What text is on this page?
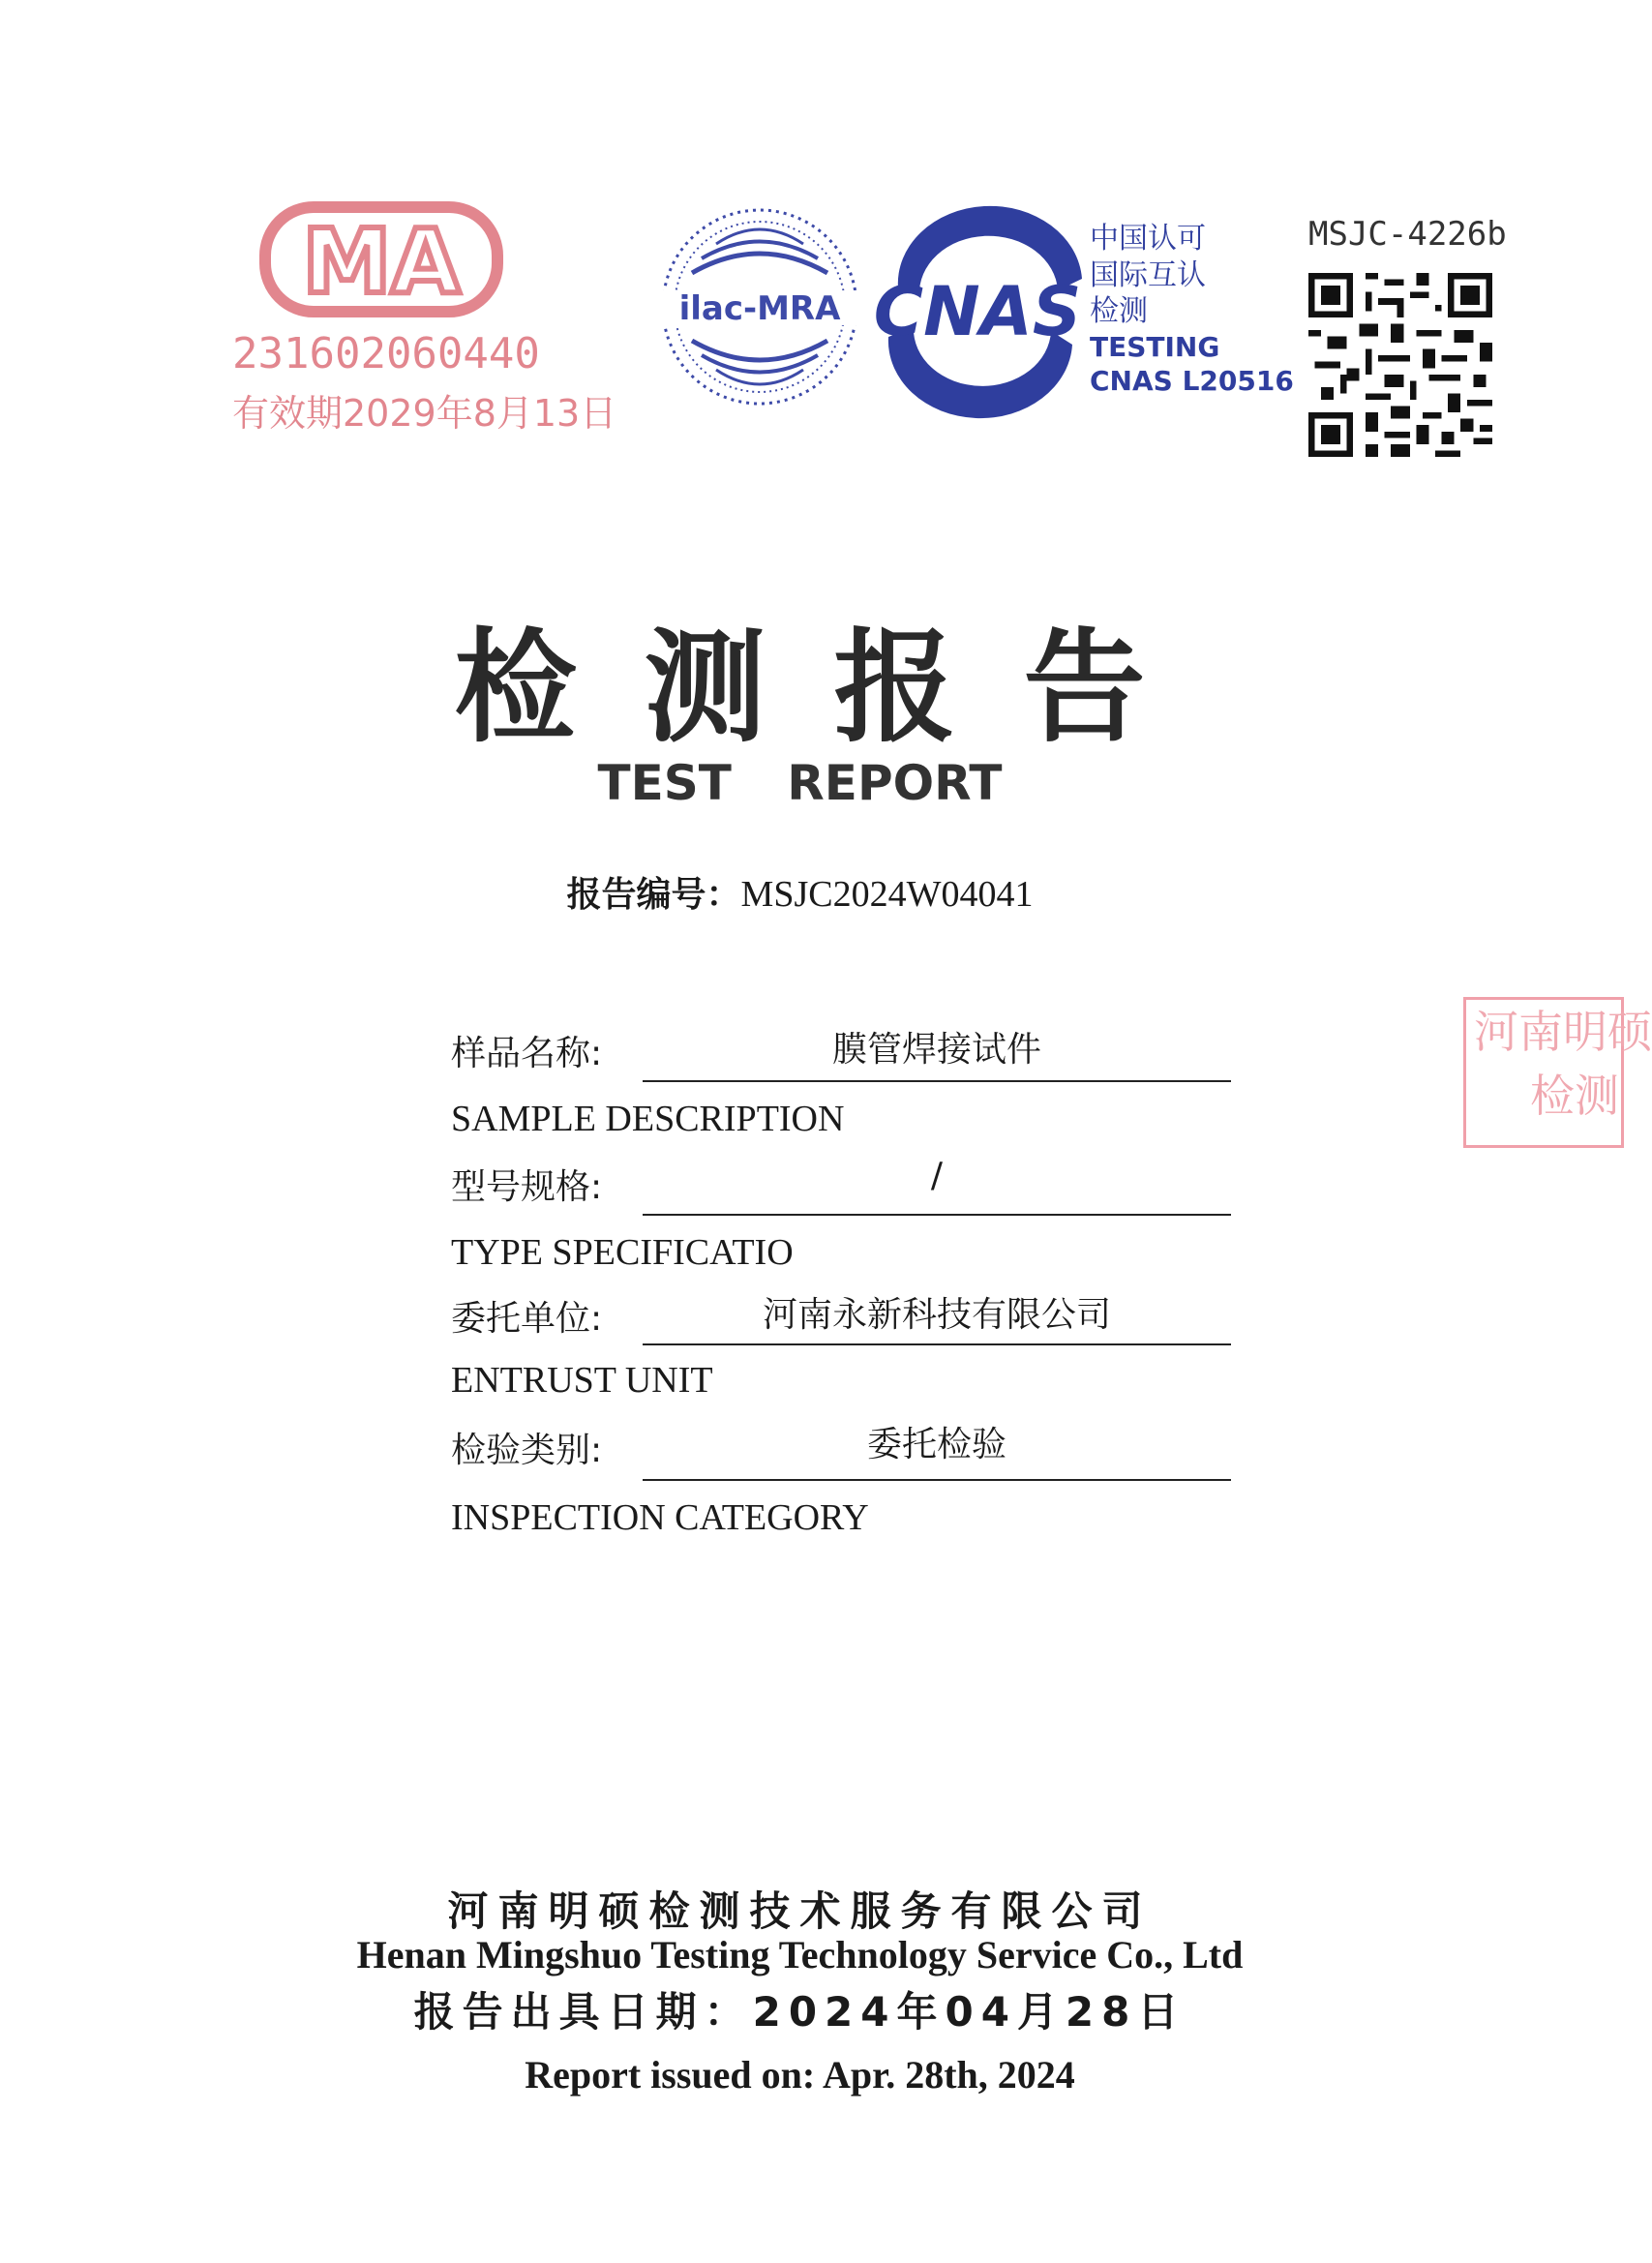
MA
231602060440
有效期2029年8月13日
ilac-MRA CNAS
中国认可
国际互认
检测
TESTING
CNAS L20516
MSJC-4226b
检测报告
TEST REPORT
报告编号：MSJC2024W04041
样品名称:	膜管焊接试件
SAMPLE DESCRIPTION
型号规格:	/
TYPE SPECIFICATIO
委托单位:	河南永新科技有限公司
ENTRUST UNIT
检验类别:	委托检验
INSPECTION CATEGORY
河南明硕
检测
河南明硕检测技术服务有限公司
Henan Mingshuo Testing Technology Service Co., Ltd
报告出具日期：2024年04月28日
Report issued on: Apr. 28th, 2024
